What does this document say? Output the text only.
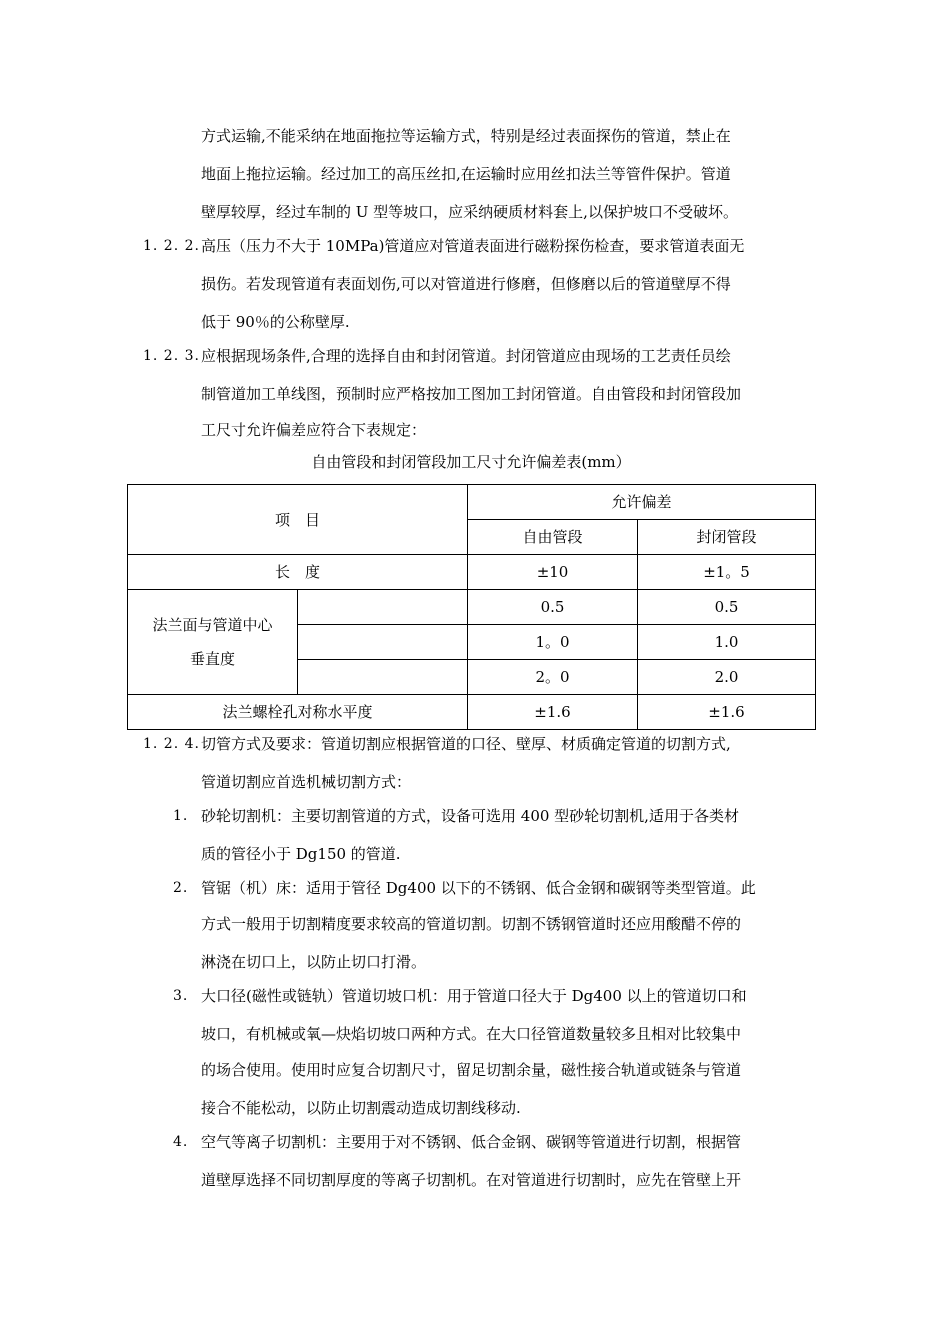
方式运输,不能采纳在地面拖拉等运输方式，特别是经过表面探伤的管道，禁止在
地面上拖拉运输。经过加工的高压丝扣,在运输时应用丝扣法兰等管件保护。管道
壁厚较厚，经过车制的 U 型等坡口，应采纳硬质材料套上,以保护坡口不受破坏。
1. 2. 2. 高压（压力不大于 10MPa)管道应对管道表面进行磁粉探伤检查，要求管道表面无
损伤。若发现管道有表面划伤,可以对管道进行修磨，但修磨以后的管道壁厚不得
低于 90％的公称壁厚.
1. 2. 3. 应根据现场条件,合理的选择自由和封闭管道。封闭管道应由现场的工艺责任员绘
制管道加工单线图，预制时应严格按加工图加工封闭管道。自由管段和封闭管段加
工尺寸允许偏差应符合下表规定：
自由管段和封闭管段加工尺寸允许偏差表(mm）
项　目		允许偏差	
		自由管段	封闭管段
长　度		±10	±1。5

法兰面与管道中心
垂直度		0.5	0.5
		1。0	1.0
		2。0	2.0
法兰螺栓孔对称水平度		±1.6	±1.6
1. 2. 4. 切管方式及要求：管道切割应根据管道的口径、壁厚、材质确定管道的切割方式,
管道切割应首选机械切割方式：
1. 砂轮切割机：主要切割管道的方式，设备可选用 400 型砂轮切割机,适用于各类材
质的管径小于 Dg150 的管道.
2. 管锯（机）床：适用于管径 Dg400 以下的不锈钢、低合金钢和碳钢等类型管道。此
方式一般用于切割精度要求较高的管道切割。切割不锈钢管道时还应用酸醋不停的
淋浇在切口上，以防止切口打滑。
3. 大口径(磁性或链轨）管道切坡口机：用于管道口径大于 Dg400 以上的管道切口和
坡口，有机械或氧—炔焰切坡口两种方式。在大口径管道数量较多且相对比较集中
的场合使用。使用时应复合切割尺寸，留足切割余量，磁性接合轨道或链条与管道
接合不能松动，以防止切割震动造成切割线移动.
4. 空气等离子切割机：主要用于对不锈钢、低合金钢、碳钢等管道进行切割，根据管
道壁厚选择不同切割厚度的等离子切割机。在对管道进行切割时，应先在管壁上开
